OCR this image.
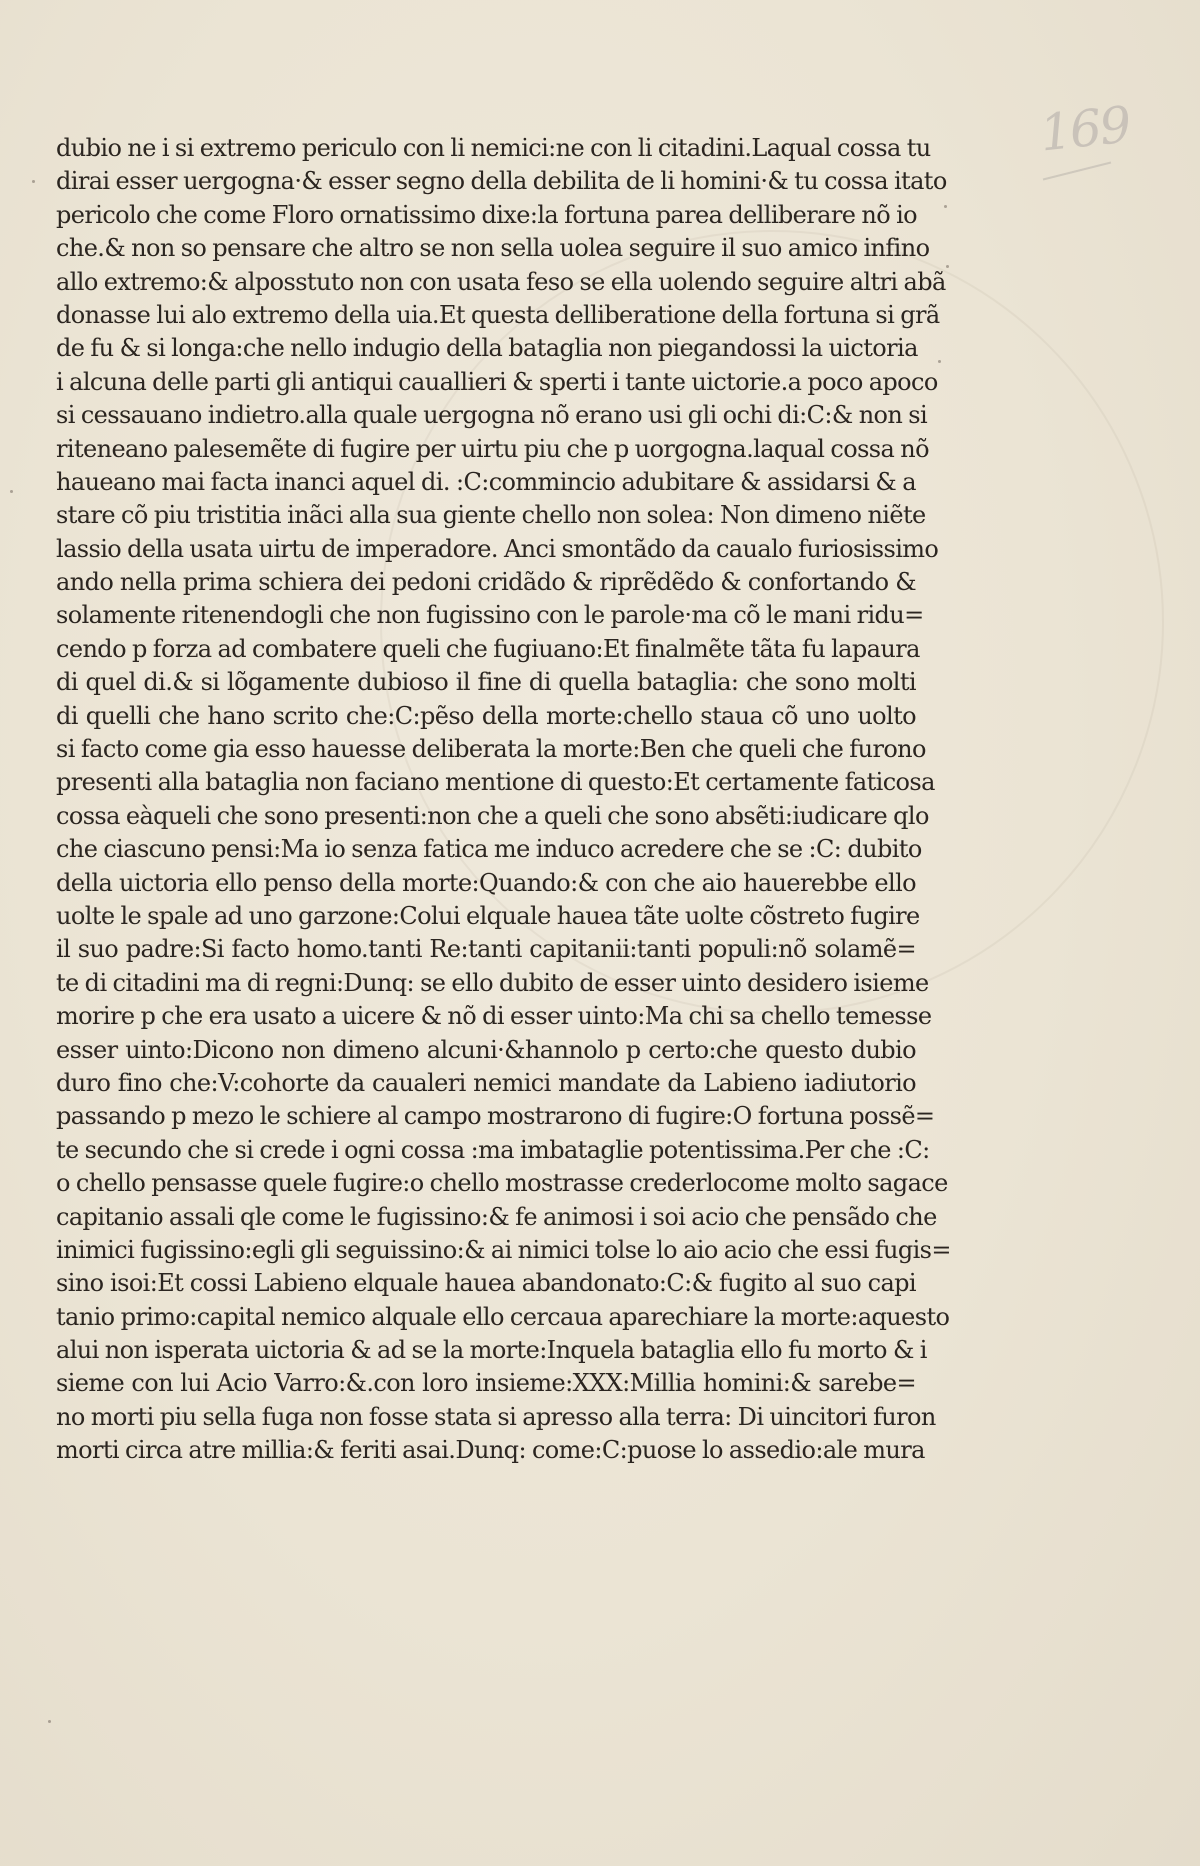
169
dubio ne i si extremo periculo con li nemici:ne con li citadini.Laqual cossa tu
dirai esser uergogna·& esser segno della debilita de li homini·& tu cossa itato
pericolo che come Floro ornatissimo dixe:la fortuna parea delliberare nõ io
che.& non so pensare che altro se non sella uolea seguire il suo amico infino
allo extremo:& alposstuto non con usata feso se ella uolendo seguire altri abã
donasse lui alo extremo della uia.Et questa delliberatione della fortuna si grã
de fu & si longa:che nello indugio della bataglia non piegandossi la uictoria
i alcuna delle parti gli antiqui cauallieri & sperti i tante uictorie.a poco apoco
si cessauano indietro.alla quale uergogna nõ erano usi gli ochi di:C:& non si
riteneano palesemẽte di fugire per uirtu piu che p uorgogna.laqual cossa nõ
haueano mai facta inanci aquel di. :C:commincio adubitare & assidarsi & a
stare cõ piu tristitia inãci alla sua giente chello non solea: Non dimeno niẽte
lassio della usata uirtu de imperadore. Anci smontãdo da caualo furiosissimo
ando nella prima schiera dei pedoni cridãdo & riprẽdẽdo & confortando &
solamente ritenendogli che non fugissino con le parole·ma cõ le mani ridu=
cendo p forza ad combatere queli che fugiuano:Et finalmẽte tãta fu lapaura
di quel di.& si lõgamente dubioso il fine di quella bataglia: che sono molti
di quelli che hano scrito che:C:pẽso della morte:chello staua cõ uno uolto
si facto come gia esso hauesse deliberata la morte:Ben che queli che furono
presenti alla bataglia non faciano mentione di questo:Et certamente faticosa
cossa eàqueli che sono presenti:non che a queli che sono absẽti:iudicare qlo
che ciascuno pensi:Ma io senza fatica me induco acredere che se :C: dubito
della uictoria ello penso della morte:Quando:& con che aio hauerebbe ello
uolte le spale ad uno garzone:Colui elquale hauea tãte uolte cõstreto fugire
il suo padre:Si facto homo.tanti Re:tanti capitanii:tanti populi:nõ solamẽ=
te di citadini ma di regni:Dunq: se ello dubito de esser uinto desidero isieme
morire p che era usato a uicere & nõ di esser uinto:Ma chi sa chello temesse
esser uinto:Dicono non dimeno alcuni·&hannolo p certo:che questo dubio
duro fino che:V:cohorte da caualeri nemici mandate da Labieno iadiutorio
passando p mezo le schiere al campo mostrarono di fugire:O fortuna possẽ=
te secundo che si crede i ogni cossa :ma imbataglie potentissima.Per che :C:
o chello pensasse quele fugire:o chello mostrasse crederlocome molto sagace
capitanio assali qle come le fugissino:& fe animosi i soi acio che pensãdo che
inimici fugissino:egli gli seguissino:& ai nimici tolse lo aio acio che essi fugis=
sino isoi:Et cossi Labieno elquale hauea abandonato:C:& fugito al suo capi
tanio primo:capital nemico alquale ello cercaua aparechiare la morte:aquesto
alui non isperata uictoria & ad se la morte:Inquela bataglia ello fu morto & i
sieme con lui Acio Varro:&.con loro insieme:XXX:Millia homini:& sarebe=
no morti piu sella fuga non fosse stata si apresso alla terra: Di uincitori furon
morti circa atre millia:& feriti asai.Dunq: come:C:puose lo assedio:ale mura
